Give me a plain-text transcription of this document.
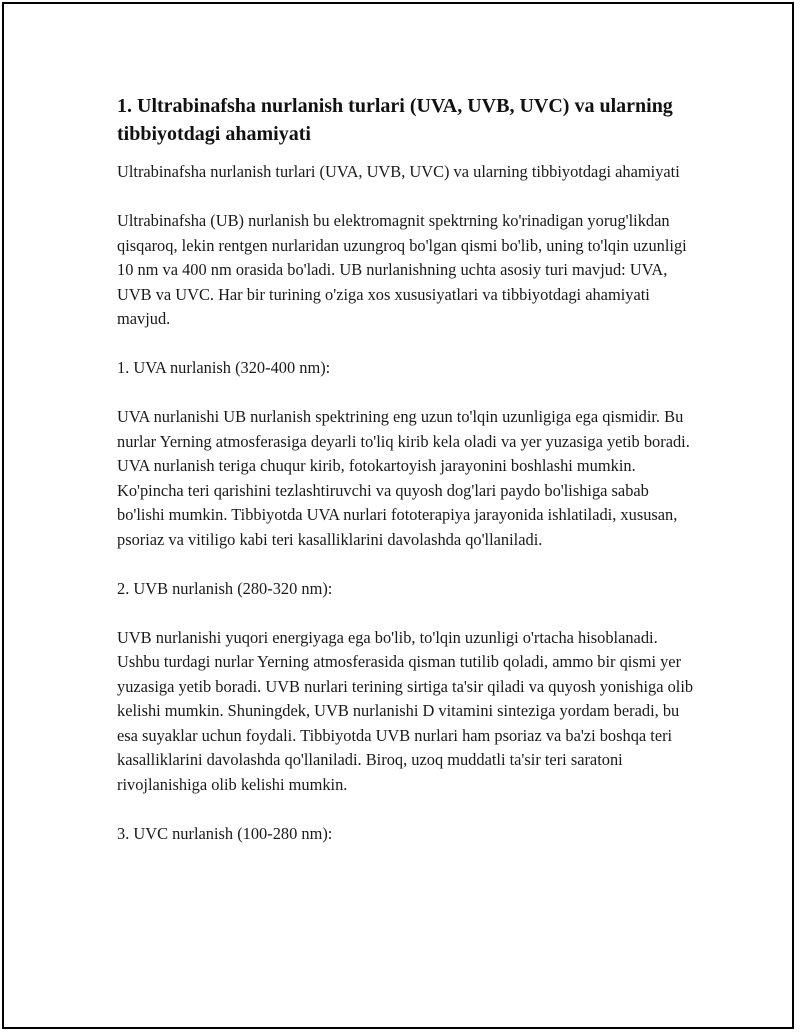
1. Ultrabinafsha nurlanish turlari (UVA, UVB, UVC) va ularning tibbiyotdagi ahamiyati

Ultrabinafsha nurlanish turlari (UVA, UVB, UVC) va ularning tibbiyotdagi ahamiyati

Ultrabinafsha (UB) nurlanish bu elektromagnit spektrning ko'rinadigan yorug'likdan qisqaroq, lekin rentgen nurlaridan uzungroq bo'lgan qismi bo'lib, uning to'lqin uzunligi 10 nm va 400 nm orasida bo'ladi. UB nurlanishning uchta asosiy turi mavjud: UVA, UVB va UVC. Har bir turining o'ziga xos xususiyatlari va tibbiyotdagi ahamiyati mavjud.

1. UVA nurlanish (320-400 nm):

UVA nurlanishi UB nurlanish spektrining eng uzun to'lqin uzunligiga ega qismidir. Bu nurlar Yerning atmosferasiga deyarli to'liq kirib kela oladi va yer yuzasiga yetib boradi. UVA nurlanish teriga chuqur kirib, fotokartoyish jarayonini boshlashi mumkin. Ko'pincha teri qarishini tezlashtiruvchi va quyosh dog'lari paydo bo'lishiga sabab bo'lishi mumkin. Tibbiyotda UVA nurlari fototerapiya jarayonida ishlatiladi, xususan, psoriaz va vitiligo kabi teri kasalliklarini davolashda qo'llaniladi.

2. UVB nurlanish (280-320 nm):

UVB nurlanishi yuqori energiyaga ega bo'lib, to'lqin uzunligi o'rtacha hisoblanadi. Ushbu turdagi nurlar Yerning atmosferasida qisman tutilib qoladi, ammo bir qismi yer yuzasiga yetib boradi. UVB nurlari terining sirtiga ta'sir qiladi va quyosh yonishiga olib kelishi mumkin. Shuningdek, UVB nurlanishi D vitamini sinteziga yordam beradi, bu esa suyaklar uchun foydali. Tibbiyotda UVB nurlari ham psoriaz va ba'zi boshqa teri kasalliklarini davolashda qo'llaniladi. Biroq, uzoq muddatli ta'sir teri saratoni rivojlanishiga olib kelishi mumkin.

3. UVC nurlanish (100-280 nm):
